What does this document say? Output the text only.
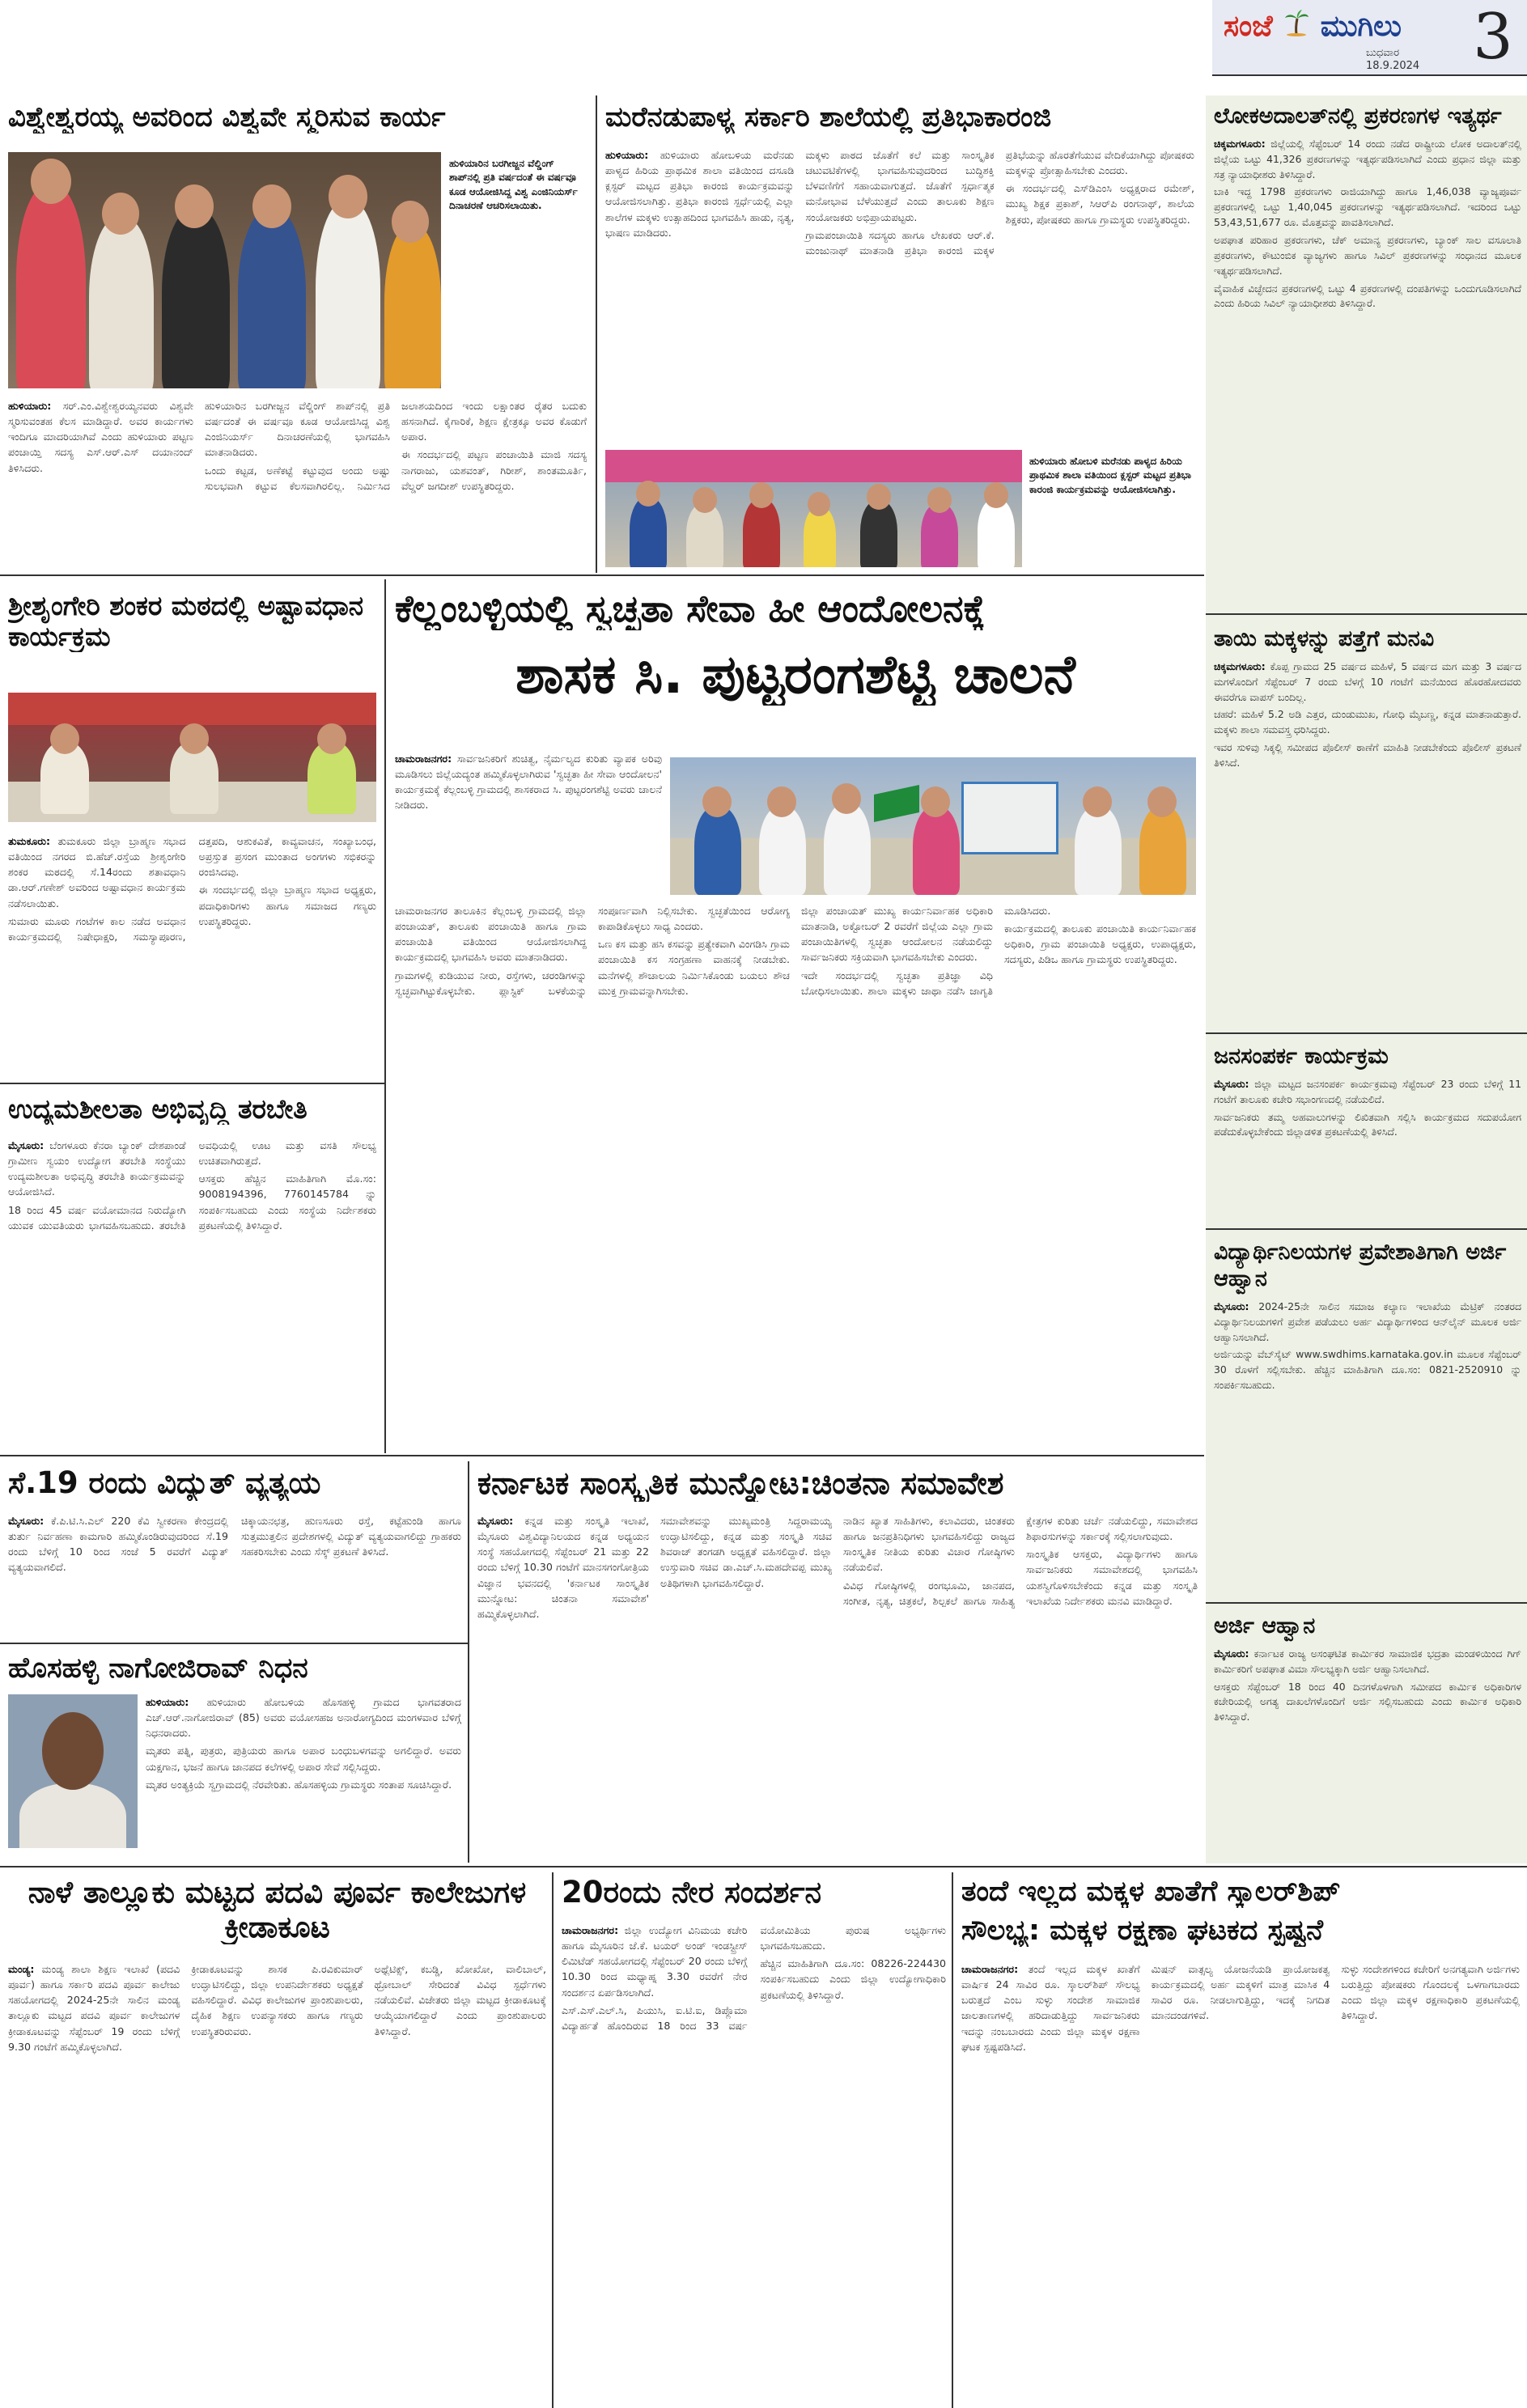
ಸಂಜೆ ಮುಗಿಲು
ಬುಧವಾರ
18.9.2024 3
ವಿಶ್ವೇಶ್ವರಯ್ಯ ಅವರಿಂದ ವಿಶ್ವವೇ ಸ್ಮರಿಸುವ ಕಾರ್ಯ
ಹುಳಿಯಾರಿನ ಬರಗೀಜ್ಜನ ವೆಲ್ಡಿಂಗ್ ಶಾಪ್‌ನಲ್ಲಿ ಪ್ರತಿ ವರ್ಷದಂತೆ ಈ ವರ್ಷವೂ ಕೂಡ ಆಯೋಜಿಸಿದ್ದ ವಿಶ್ವ ಎಂಜಿನಿಯರ್ಸ್ ದಿನಾಚರಣೆ ಆಚರಿಸಲಾಯಿತು.

ಹುಳಿಯಾರು: ಸರ್.ಎಂ.ವಿಶ್ವೇಶ್ವರಯ್ಯನವರು ವಿಶ್ವವೇ ಸ್ಮರಿಸುವಂತಹ ಕೆಲಸ ಮಾಡಿದ್ದಾರೆ. ಅವರ ಕಾರ್ಯಗಳು ಇಂದಿಗೂ ಮಾದರಿಯಾಗಿವೆ ಎಂದು ಹುಳಿಯಾರು ಪಟ್ಟಣ ಪಂಚಾಯ್ತಿ ಸದಸ್ಯ ಎಸ್.ಆರ್.ಎಸ್ ದಯಾನಂದ್ ತಿಳಿಸಿದರು.

ಹುಳಿಯಾರಿನ ಬರಗೀಜ್ಜನ ವೆಲ್ಡಿಂಗ್ ಶಾಪ್‌ನಲ್ಲಿ ಪ್ರತಿ ವರ್ಷದಂತೆ ಈ ವರ್ಷವೂ ಕೂಡ ಆಯೋಜಿಸಿದ್ದ ವಿಶ್ವ ಎಂಜಿನಿಯರ್ಸ್ ದಿನಾಚರಣೆಯಲ್ಲಿ ಭಾಗವಹಿಸಿ ಮಾತನಾಡಿದರು.

ಒಂದು ಕಟ್ಟಡ, ಅಣೆಕಟ್ಟೆ ಕಟ್ಟುವುದ ಅಂದು ಅಷ್ಟು ಸುಲಭವಾಗಿ ಕಟ್ಟುವ ಕೆಲಸವಾಗಿರಲಿಲ್ಲ. ನಿರ್ಮಿಸಿದ ಜಲಾಶಯದಿಂದ ಇಂದು ಲಕ್ಷಾಂತರ ರೈತರ ಬದುಕು ಹಸನಾಗಿದೆ. ಕೈಗಾರಿಕೆ, ಶಿಕ್ಷಣ ಕ್ಷೇತ್ರಕ್ಕೂ ಅವರ ಕೊಡುಗೆ ಅಪಾರ.

ಈ ಸಂದರ್ಭದಲ್ಲಿ ಪಟ್ಟಣ ಪಂಚಾಯಿತಿ ಮಾಜಿ ಸದಸ್ಯ ನಾಗರಾಜು, ಯಶವಂತ್, ಗಿರೀಶ್, ಶಾಂತಮೂರ್ತಿ, ವೆಲ್ಡರ್ ಜಗದೀಶ್ ಉಪಸ್ಥಿತರಿದ್ದರು.

ಮರೆನಡುಪಾಳ್ಯ ಸರ್ಕಾರಿ ಶಾಲೆಯಲ್ಲಿ ಪ್ರತಿಭಾಕಾರಂಜಿ

ಹುಳಿಯಾರು: ಹುಳಿಯಾರು ಹೋಬಳಿಯ ಮರೆನಡು ಪಾಳ್ಯದ ಹಿರಿಯ ಪ್ರಾಥಮಿಕ ಶಾಲಾ ವತಿಯಿಂದ ದಸೂಡಿ ಕ್ಲಸ್ಟರ್ ಮಟ್ಟದ ಪ್ರತಿಭಾ ಕಾರಂಜಿ ಕಾರ್ಯಕ್ರಮವನ್ನು ಆಯೋಜಿಸಲಾಗಿತ್ತು. ಪ್ರತಿಭಾ ಕಾರಂಜಿ ಸ್ಪರ್ಧೆಯಲ್ಲಿ ಎಲ್ಲಾ ಶಾಲೆಗಳ ಮಕ್ಕಳು ಉತ್ಸಾಹದಿಂದ ಭಾಗವಹಿಸಿ ಹಾಡು, ನೃತ್ಯ, ಭಾಷಣ ಮಾಡಿದರು.

ಮಕ್ಕಳು ಪಾಠದ ಜೊತೆಗೆ ಕಲೆ ಮತ್ತು ಸಾಂಸ್ಕೃತಿಕ ಚಟುವಟಿಕೆಗಳಲ್ಲಿ ಭಾಗವಹಿಸುವುದರಿಂದ ಬುದ್ಧಿಶಕ್ತಿ ಬೆಳವಣಿಗೆಗೆ ಸಹಾಯವಾಗುತ್ತದೆ. ಜೊತೆಗೆ ಸ್ಪರ್ಧಾತ್ಮಕ ಮನೋಭಾವ ಬೆಳೆಯುತ್ತದೆ ಎಂದು ತಾಲೂಕು ಶಿಕ್ಷಣ ಸಂಯೋಜಕರು ಅಭಿಪ್ರಾಯಪಟ್ಟರು.

ಗ್ರಾಮಪಂಚಾಯಿತಿ ಸದಸ್ಯರು ಹಾಗೂ ಲೇಖಕರು ಆರ್.ಕೆ. ಮಂಜುನಾಥ್ ಮಾತನಾಡಿ ಪ್ರತಿಭಾ ಕಾರಂಜಿ ಮಕ್ಕಳ ಪ್ರತಿಭೆಯನ್ನು ಹೊರತೆಗೆಯುವ ವೇದಿಕೆಯಾಗಿದ್ದು ಪೋಷಕರು ಮಕ್ಕಳನ್ನು ಪ್ರೋತ್ಸಾಹಿಸಬೇಕು ಎಂದರು.

ಈ ಸಂದರ್ಭದಲ್ಲಿ ಎಸ್‌ಡಿಎಂಸಿ ಅಧ್ಯಕ್ಷರಾದ ರಮೇಶ್, ಮುಖ್ಯ ಶಿಕ್ಷಕ ಪ್ರಕಾಶ್, ಸಿಆರ್‌ಪಿ ರಂಗನಾಥ್, ಶಾಲೆಯ ಶಿಕ್ಷಕರು, ಪೋಷಕರು ಹಾಗೂ ಗ್ರಾಮಸ್ಥರು ಉಪಸ್ಥಿತರಿದ್ದರು.

ಹುಳಿಯಾರು ಹೋಬಳಿ ಮರೆನಡು ಪಾಳ್ಯದ ಹಿರಿಯ ಪ್ರಾಥಮಿಕ ಶಾಲಾ ವತಿಯಿಂದ ಕ್ಲಸ್ಟರ್ ಮಟ್ಟದ ಪ್ರತಿಭಾ ಕಾರಂಜಿ ಕಾರ್ಯಕ್ರಮವನ್ನು ಆಯೋಜಿಸಲಾಗಿತ್ತು.
ಲೋಕಅದಾಲತ್‌ನಲ್ಲಿ ಪ್ರಕರಣಗಳ ಇತ್ಯರ್ಥ

ಚಿಕ್ಕಮಗಳೂರು: ಜಿಲ್ಲೆಯಲ್ಲಿ ಸೆಪ್ಟೆಂಬರ್ 14 ರಂದು ನಡೆದ ರಾಷ್ಟ್ರೀಯ ಲೋಕ ಅದಾಲತ್‌ನಲ್ಲಿ ಜಿಲ್ಲೆಯ ಒಟ್ಟು 41,326 ಪ್ರಕರಣಗಳನ್ನು ಇತ್ಯರ್ಥಪಡಿಸಲಾಗಿದೆ ಎಂದು ಪ್ರಧಾನ ಜಿಲ್ಲಾ ಮತ್ತು ಸತ್ರ ನ್ಯಾಯಾಧೀಶರು ತಿಳಿಸಿದ್ದಾರೆ.

ಬಾಕಿ ಇದ್ದ 1798 ಪ್ರಕರಣಗಳು ರಾಜಿಯಾಗಿದ್ದು ಹಾಗೂ 1,46,038 ವ್ಯಾಜ್ಯಪೂರ್ವ ಪ್ರಕರಣಗಳಲ್ಲಿ ಒಟ್ಟು 1,40,045 ಪ್ರಕರಣಗಳನ್ನು ಇತ್ಯರ್ಥಪಡಿಸಲಾಗಿದೆ. ಇದರಿಂದ ಒಟ್ಟು 53,43,51,677 ರೂ. ಮೊತ್ತವನ್ನು ಪಾವತಿಸಲಾಗಿದೆ.

ಅಪಘಾತ ಪರಿಹಾರ ಪ್ರಕರಣಗಳು, ಚೆಕ್ ಅಮಾನ್ಯ ಪ್ರಕರಣಗಳು, ಬ್ಯಾಂಕ್ ಸಾಲ ವಸೂಲಾತಿ ಪ್ರಕರಣಗಳು, ಕೌಟುಂಬಿಕ ವ್ಯಾಜ್ಯಗಳು ಹಾಗೂ ಸಿವಿಲ್ ಪ್ರಕರಣಗಳನ್ನು ಸಂಧಾನದ ಮೂಲಕ ಇತ್ಯರ್ಥಪಡಿಸಲಾಗಿದೆ.

ವೈವಾಹಿಕ ವಿಚ್ಛೇದನ ಪ್ರಕರಣಗಳಲ್ಲಿ ಒಟ್ಟು 4 ಪ್ರಕರಣಗಳಲ್ಲಿ ದಂಪತಿಗಳನ್ನು ಒಂದುಗೂಡಿಸಲಾಗಿದೆ ಎಂದು ಹಿರಿಯ ಸಿವಿಲ್ ನ್ಯಾಯಾಧೀಶರು ತಿಳಿಸಿದ್ದಾರೆ.

ತಾಯಿ ಮಕ್ಕಳನ್ನು ಪತ್ತೆಗೆ ಮನವಿ

ಚಿಕ್ಕಮಗಳೂರು: ಕೊಪ್ಪ ಗ್ರಾಮದ 25 ವರ್ಷದ ಮಹಿಳೆ, 5 ವರ್ಷದ ಮಗ ಮತ್ತು 3 ವರ್ಷದ ಮಗಳೊಂದಿಗೆ ಸೆಪ್ಟೆಂಬರ್ 7 ರಂದು ಬೆಳಗ್ಗೆ 10 ಗಂಟೆಗೆ ಮನೆಯಿಂದ ಹೊರಹೋದವರು ಈವರೆಗೂ ವಾಪಸ್ ಬಂದಿಲ್ಲ.

ಚಹರೆ: ಮಹಿಳೆ 5.2 ಅಡಿ ಎತ್ತರ, ದುಂಡುಮುಖ, ಗೋಧಿ ಮೈಬಣ್ಣ, ಕನ್ನಡ ಮಾತನಾಡುತ್ತಾರೆ. ಮಕ್ಕಳು ಶಾಲಾ ಸಮವಸ್ತ್ರ ಧರಿಸಿದ್ದರು.

ಇವರ ಸುಳಿವು ಸಿಕ್ಕಲ್ಲಿ ಸಮೀಪದ ಪೊಲೀಸ್ ಠಾಣೆಗೆ ಮಾಹಿತಿ ನೀಡಬೇಕೆಂದು ಪೊಲೀಸ್ ಪ್ರಕಟಣೆ ತಿಳಿಸಿದೆ.

ಜನಸಂಪರ್ಕ ಕಾರ್ಯಕ್ರಮ

ಮೈಸೂರು: ಜಿಲ್ಲಾ ಮಟ್ಟದ ಜನಸಂಪರ್ಕ ಕಾರ್ಯಕ್ರಮವು ಸೆಪ್ಟೆಂಬರ್ 23 ರಂದು ಬೆಳಿಗ್ಗೆ 11 ಗಂಟೆಗೆ ತಾಲೂಕು ಕಚೇರಿ ಸಭಾಂಗಣದಲ್ಲಿ ನಡೆಯಲಿದೆ.

ಸಾರ್ವಜನಿಕರು ತಮ್ಮ ಅಹವಾಲುಗಳನ್ನು ಲಿಖಿತವಾಗಿ ಸಲ್ಲಿಸಿ ಕಾರ್ಯಕ್ರಮದ ಸದುಪಯೋಗ ಪಡೆದುಕೊಳ್ಳಬೇಕೆಂದು ಜಿಲ್ಲಾಡಳಿತ ಪ್ರಕಟಣೆಯಲ್ಲಿ ತಿಳಿಸಿದೆ.

ವಿದ್ಯಾರ್ಥಿನಿಲಯಗಳ ಪ್ರವೇಶಾತಿಗಾಗಿ ಅರ್ಜಿ ಆಹ್ವಾನ

ಮೈಸೂರು: 2024-25ನೇ ಸಾಲಿನ ಸಮಾಜ ಕಲ್ಯಾಣ ಇಲಾಖೆಯ ಮೆಟ್ರಿಕ್ ನಂತರದ ವಿದ್ಯಾರ್ಥಿನಿಲಯಗಳಿಗೆ ಪ್ರವೇಶ ಪಡೆಯಲು ಅರ್ಹ ವಿದ್ಯಾರ್ಥಿಗಳಿಂದ ಆನ್‌ಲೈನ್ ಮೂಲಕ ಅರ್ಜಿ ಆಹ್ವಾನಿಸಲಾಗಿದೆ.

ಅರ್ಜಿಯನ್ನು ವೆಬ್‌ಸೈಟ್ www.swdhims.karnataka.gov.in ಮೂಲಕ ಸೆಪ್ಟೆಂಬರ್ 30 ರೊಳಗೆ ಸಲ್ಲಿಸಬೇಕು. ಹೆಚ್ಚಿನ ಮಾಹಿತಿಗಾಗಿ ದೂ.ಸಂ: 0821-2520910 ನ್ನು ಸಂಪರ್ಕಿಸಬಹುದು.

ಅರ್ಜಿ ಆಹ್ವಾನ

ಮೈಸೂರು: ಕರ್ನಾಟಕ ರಾಜ್ಯ ಅಸಂಘಟಿತ ಕಾರ್ಮಿಕರ ಸಾಮಾಜಿಕ ಭದ್ರತಾ ಮಂಡಳಿಯಿಂದ ಗಿಗ್ ಕಾರ್ಮಿಕರಿಗೆ ಅಪಘಾತ ವಿಮಾ ಸೌಲಭ್ಯಕ್ಕಾಗಿ ಅರ್ಜಿ ಆಹ್ವಾನಿಸಲಾಗಿದೆ.

ಆಸಕ್ತರು ಸೆಪ್ಟೆಂಬರ್ 18 ರಿಂದ 40 ದಿನಗಳೊಳಗಾಗಿ ಸಮೀಪದ ಕಾರ್ಮಿಕ ಅಧಿಕಾರಿಗಳ ಕಚೇರಿಯಲ್ಲಿ ಅಗತ್ಯ ದಾಖಲೆಗಳೊಂದಿಗೆ ಅರ್ಜಿ ಸಲ್ಲಿಸಬಹುದು ಎಂದು ಕಾರ್ಮಿಕ ಅಧಿಕಾರಿ ತಿಳಿಸಿದ್ದಾರೆ.

ಶ್ರೀಶೃಂಗೇರಿ ಶಂಕರ ಮಠದಲ್ಲಿ ಅಷ್ಟಾವಧಾನ ಕಾರ್ಯಕ್ರಮ

ತುಮಕೂರು: ತುಮಕೂರು ಜಿಲ್ಲಾ ಬ್ರಾಹ್ಮಣ ಸಭಾದ ವತಿಯಿಂದ ನಗರದ ಬಿ.ಹೆಚ್.ರಸ್ತೆಯ ಶ್ರೀಶೃಂಗೇರಿ ಶಂಕರ ಮಠದಲ್ಲಿ ಸೆ.14ರಂದು ಶತಾವಧಾನಿ ಡಾ.ಆರ್.ಗಣೇಶ್ ಅವರಿಂದ ಅಷ್ಟಾವಧಾನ ಕಾರ್ಯಕ್ರಮ ನಡೆಸಲಾಯಿತು.

ಸುಮಾರು ಮೂರು ಗಂಟೆಗಳ ಕಾಲ ನಡೆದ ಅವಧಾನ ಕಾರ್ಯಕ್ರಮದಲ್ಲಿ ನಿಷೇಧಾಕ್ಷರಿ, ಸಮಸ್ಯಾಪೂರಣ, ದತ್ತಪದಿ, ಆಶುಕವಿತೆ, ಕಾವ್ಯವಾಚನ, ಸಂಖ್ಯಾಬಂಧ, ಅಪ್ರಸ್ತುತ ಪ್ರಸಂಗ ಮುಂತಾದ ಅಂಗಗಳು ಸಭಿಕರನ್ನು ರಂಜಿಸಿದವು.

ಈ ಸಂದರ್ಭದಲ್ಲಿ ಜಿಲ್ಲಾ ಬ್ರಾಹ್ಮಣ ಸಭಾದ ಅಧ್ಯಕ್ಷರು, ಪದಾಧಿಕಾರಿಗಳು ಹಾಗೂ ಸಮಾಜದ ಗಣ್ಯರು ಉಪಸ್ಥಿತರಿದ್ದರು.

ಕೆಲ್ಲಂಬಳ್ಳಿಯಲ್ಲಿ ಸ್ವಚ್ಛತಾ ಸೇವಾ ಹೀ ಆಂದೋಲನಕ್ಕೆ
ಶಾಸಕ ಸಿ. ಪುಟ್ಟರಂಗಶೆಟ್ಟಿ ಚಾಲನೆ

ಚಾಮರಾಜನಗರ: ಸಾರ್ವಜನಿಕರಿಗೆ ಶುಚಿತ್ವ, ನೈರ್ಮಲ್ಯದ ಕುರಿತು ವ್ಯಾಪಕ ಅರಿವು ಮೂಡಿಸಲು ಜಿಲ್ಲೆಯದ್ಯಂತ ಹಮ್ಮಿಕೊಳ್ಳಲಾಗಿರುವ 'ಸ್ವಚ್ಛತಾ ಹೀ ಸೇವಾ ಆಂದೋಲನ' ಕಾರ್ಯಕ್ರಮಕ್ಕೆ ಕೆಲ್ಲಂಬಳ್ಳಿ ಗ್ರಾಮದಲ್ಲಿ ಶಾಸಕರಾದ ಸಿ. ಪುಟ್ಟರಂಗಶೆಟ್ಟಿ ಅವರು ಚಾಲನೆ ನೀಡಿದರು.

ಚಾಮರಾಜನಗರ ತಾಲೂಕಿನ ಕೆಲ್ಲಂಬಳ್ಳಿ ಗ್ರಾಮದಲ್ಲಿ ಜಿಲ್ಲಾ ಪಂಚಾಯತ್, ತಾಲೂಕು ಪಂಚಾಯಿತಿ ಹಾಗೂ ಗ್ರಾಮ ಪಂಚಾಯಿತಿ ವತಿಯಿಂದ ಆಯೋಜಿಸಲಾಗಿದ್ದ ಕಾರ್ಯಕ್ರಮದಲ್ಲಿ ಭಾಗವಹಿಸಿ ಅವರು ಮಾತನಾಡಿದರು.

ಗ್ರಾಮಗಳಲ್ಲಿ ಕುಡಿಯುವ ನೀರು, ರಸ್ತೆಗಳು, ಚರಂಡಿಗಳನ್ನು ಸ್ವಚ್ಛವಾಗಿಟ್ಟುಕೊಳ್ಳಬೇಕು. ಪ್ಲಾಸ್ಟಿಕ್ ಬಳಕೆಯನ್ನು ಸಂಪೂರ್ಣವಾಗಿ ನಿಲ್ಲಿಸಬೇಕು. ಸ್ವಚ್ಛತೆಯಿಂದ ಆರೋಗ್ಯ ಕಾಪಾಡಿಕೊಳ್ಳಲು ಸಾಧ್ಯ ಎಂದರು.

ಒಣ ಕಸ ಮತ್ತು ಹಸಿ ಕಸವನ್ನು ಪ್ರತ್ಯೇಕವಾಗಿ ವಿಂಗಡಿಸಿ ಗ್ರಾಮ ಪಂಚಾಯಿತಿ ಕಸ ಸಂಗ್ರಹಣಾ ವಾಹನಕ್ಕೆ ನೀಡಬೇಕು. ಮನೆಗಳಲ್ಲಿ ಶೌಚಾಲಯ ನಿರ್ಮಿಸಿಕೊಂಡು ಬಯಲು ಶೌಚ ಮುಕ್ತ ಗ್ರಾಮವನ್ನಾಗಿಸಬೇಕು.

ಜಿಲ್ಲಾ ಪಂಚಾಯತ್ ಮುಖ್ಯ ಕಾರ್ಯನಿರ್ವಾಹಕ ಅಧಿಕಾರಿ ಮಾತನಾಡಿ, ಅಕ್ಟೋಬರ್ 2 ರವರೆಗೆ ಜಿಲ್ಲೆಯ ಎಲ್ಲಾ ಗ್ರಾಮ ಪಂಚಾಯಿತಿಗಳಲ್ಲಿ ಸ್ವಚ್ಛತಾ ಆಂದೋಲನ ನಡೆಯಲಿದ್ದು ಸಾರ್ವಜನಿಕರು ಸಕ್ರಿಯವಾಗಿ ಭಾಗವಹಿಸಬೇಕು ಎಂದರು.

ಇದೇ ಸಂದರ್ಭದಲ್ಲಿ ಸ್ವಚ್ಛತಾ ಪ್ರತಿಜ್ಞಾ ವಿಧಿ ಬೋಧಿಸಲಾಯಿತು. ಶಾಲಾ ಮಕ್ಕಳು ಜಾಥಾ ನಡೆಸಿ ಜಾಗೃತಿ ಮೂಡಿಸಿದರು.

ಕಾರ್ಯಕ್ರಮದಲ್ಲಿ ತಾಲೂಕು ಪಂಚಾಯಿತಿ ಕಾರ್ಯನಿರ್ವಾಹಕ ಅಧಿಕಾರಿ, ಗ್ರಾಮ ಪಂಚಾಯಿತಿ ಅಧ್ಯಕ್ಷರು, ಉಪಾಧ್ಯಕ್ಷರು, ಸದಸ್ಯರು, ಪಿಡಿಒ ಹಾಗೂ ಗ್ರಾಮಸ್ಥರು ಉಪಸ್ಥಿತರಿದ್ದರು.

ಉದ್ಯಮಶೀಲತಾ ಅಭಿವೃದ್ಧಿ ತರಬೇತಿ

ಮೈಸೂರು: ಬೆಂಗಳೂರು ಕೆನರಾ ಬ್ಯಾಂಕ್ ದೇಶಪಾಂಡೆ ಗ್ರಾಮೀಣ ಸ್ವಯಂ ಉದ್ಯೋಗ ತರಬೇತಿ ಸಂಸ್ಥೆಯು ಉದ್ಯಮಶೀಲತಾ ಅಭಿವೃದ್ಧಿ ತರಬೇತಿ ಕಾರ್ಯಕ್ರಮವನ್ನು ಆಯೋಜಿಸಿದೆ.

18 ರಿಂದ 45 ವರ್ಷ ವಯೋಮಾನದ ನಿರುದ್ಯೋಗಿ ಯುವಕ ಯುವತಿಯರು ಭಾಗವಹಿಸಬಹುದು. ತರಬೇತಿ ಅವಧಿಯಲ್ಲಿ ಊಟ ಮತ್ತು ವಸತಿ ಸೌಲಭ್ಯ ಉಚಿತವಾಗಿರುತ್ತದೆ.

ಆಸಕ್ತರು ಹೆಚ್ಚಿನ ಮಾಹಿತಿಗಾಗಿ ಮೊ.ಸಂ: 9008194396, 7760145784 ನ್ನು ಸಂಪರ್ಕಿಸಬಹುದು ಎಂದು ಸಂಸ್ಥೆಯ ನಿರ್ದೇಶಕರು ಪ್ರಕಟಣೆಯಲ್ಲಿ ತಿಳಿಸಿದ್ದಾರೆ.

ಸೆ.19 ರಂದು ವಿದ್ಯುತ್ ವ್ಯತ್ಯಯ

ಮೈಸೂರು: ಕೆ.ಪಿ.ಟಿ.ಸಿ.ಎಲ್ 220 ಕೆವಿ ಸ್ವೀಕರಣಾ ಕೇಂದ್ರದಲ್ಲಿ ತುರ್ತು ನಿರ್ವಹಣಾ ಕಾಮಗಾರಿ ಹಮ್ಮಿಕೊಂಡಿರುವುದರಿಂದ ಸೆ.19 ರಂದು ಬೆಳಿಗ್ಗೆ 10 ರಿಂದ ಸಂಜೆ 5 ರವರೆಗೆ ವಿದ್ಯುತ್ ವ್ಯತ್ಯಯವಾಗಲಿದೆ.

ಚಿಕ್ಕಾಯನಛತ್ರ, ಹುಣಸೂರು ರಸ್ತೆ, ಕಟ್ಟೆಹುಂಡಿ ಹಾಗೂ ಸುತ್ತಮುತ್ತಲಿನ ಪ್ರದೇಶಗಳಲ್ಲಿ ವಿದ್ಯುತ್ ವ್ಯತ್ಯಯವಾಗಲಿದ್ದು ಗ್ರಾಹಕರು ಸಹಕರಿಸಬೇಕು ಎಂದು ಸೆಸ್ಕ್ ಪ್ರಕಟಣೆ ತಿಳಿಸಿದೆ.

ಹೊಸಹಳ್ಳಿ ನಾಗೋಜಿರಾವ್ ನಿಧನ

ಹುಳಿಯಾರು: ಹುಳಿಯಾರು ಹೋಬಳಿಯ ಹೊಸಹಳ್ಳಿ ಗ್ರಾಮದ ಭಾಗವತರಾದ ಎಚ್.ಆರ್.ನಾಗೋಜಿರಾವ್ (85) ಅವರು ವಯೋಸಹಜ ಅನಾರೋಗ್ಯದಿಂದ ಮಂಗಳವಾರ ಬೆಳಿಗ್ಗೆ ನಿಧನರಾದರು.

ಮೃತರು ಪತ್ನಿ, ಪುತ್ರರು, ಪುತ್ರಿಯರು ಹಾಗೂ ಅಪಾರ ಬಂಧುಬಳಗವನ್ನು ಅಗಲಿದ್ದಾರೆ. ಅವರು ಯಕ್ಷಗಾನ, ಭಜನೆ ಹಾಗೂ ಜಾನಪದ ಕಲೆಗಳಲ್ಲಿ ಅಪಾರ ಸೇವೆ ಸಲ್ಲಿಸಿದ್ದರು.

ಮೃತರ ಅಂತ್ಯಕ್ರಿಯೆ ಸ್ವಗ್ರಾಮದಲ್ಲಿ ನೆರವೇರಿತು. ಹೊಸಹಳ್ಳಿಯ ಗ್ರಾಮಸ್ಥರು ಸಂತಾಪ ಸೂಚಿಸಿದ್ದಾರೆ.

ಕರ್ನಾಟಕ ಸಾಂಸ್ಕೃತಿಕ ಮುನ್ನೋಟ:ಚಿಂತನಾ ಸಮಾವೇಶ

ಮೈಸೂರು: ಕನ್ನಡ ಮತ್ತು ಸಂಸ್ಕೃತಿ ಇಲಾಖೆ, ಮೈಸೂರು ವಿಶ್ವವಿದ್ಯಾನಿಲಯದ ಕನ್ನಡ ಅಧ್ಯಯನ ಸಂಸ್ಥೆ ಸಹಯೋಗದಲ್ಲಿ ಸೆಪ್ಟೆಂಬರ್ 21 ಮತ್ತು 22 ರಂದು ಬೆಳಿಗ್ಗೆ 10.30 ಗಂಟೆಗೆ ಮಾನಸಗಂಗೋತ್ರಿಯ ವಿಜ್ಞಾನ ಭವನದಲ್ಲಿ 'ಕರ್ನಾಟಕ ಸಾಂಸ್ಕೃತಿಕ ಮುನ್ನೋಟ: ಚಿಂತನಾ ಸಮಾವೇಶ' ಹಮ್ಮಿಕೊಳ್ಳಲಾಗಿದೆ.

ಸಮಾವೇಶವನ್ನು ಮುಖ್ಯಮಂತ್ರಿ ಸಿದ್ದರಾಮಯ್ಯ ಉದ್ಘಾಟಿಸಲಿದ್ದು, ಕನ್ನಡ ಮತ್ತು ಸಂಸ್ಕೃತಿ ಸಚಿವ ಶಿವರಾಜ್ ತಂಗಡಗಿ ಅಧ್ಯಕ್ಷತೆ ವಹಿಸಲಿದ್ದಾರೆ. ಜಿಲ್ಲಾ ಉಸ್ತುವಾರಿ ಸಚಿವ ಡಾ.ಎಚ್.ಸಿ.ಮಹದೇವಪ್ಪ ಮುಖ್ಯ ಅತಿಥಿಗಳಾಗಿ ಭಾಗವಹಿಸಲಿದ್ದಾರೆ.

ನಾಡಿನ ಖ್ಯಾತ ಸಾಹಿತಿಗಳು, ಕಲಾವಿದರು, ಚಿಂತಕರು ಹಾಗೂ ಜನಪ್ರತಿನಿಧಿಗಳು ಭಾಗವಹಿಸಲಿದ್ದು ರಾಜ್ಯದ ಸಾಂಸ್ಕೃತಿಕ ನೀತಿಯ ಕುರಿತು ವಿಚಾರ ಗೋಷ್ಠಿಗಳು ನಡೆಯಲಿವೆ.

ವಿವಿಧ ಗೋಷ್ಠಿಗಳಲ್ಲಿ ರಂಗಭೂಮಿ, ಜಾನಪದ, ಸಂಗೀತ, ನೃತ್ಯ, ಚಿತ್ರಕಲೆ, ಶಿಲ್ಪಕಲೆ ಹಾಗೂ ಸಾಹಿತ್ಯ ಕ್ಷೇತ್ರಗಳ ಕುರಿತು ಚರ್ಚೆ ನಡೆಯಲಿದ್ದು, ಸಮಾವೇಶದ ಶಿಫಾರಸುಗಳನ್ನು ಸರ್ಕಾರಕ್ಕೆ ಸಲ್ಲಿಸಲಾಗುವುದು.

ಸಾಂಸ್ಕೃತಿಕ ಆಸಕ್ತರು, ವಿದ್ಯಾರ್ಥಿಗಳು ಹಾಗೂ ಸಾರ್ವಜನಿಕರು ಸಮಾವೇಶದಲ್ಲಿ ಭಾಗವಹಿಸಿ ಯಶಸ್ವಿಗೊಳಿಸಬೇಕೆಂದು ಕನ್ನಡ ಮತ್ತು ಸಂಸ್ಕೃತಿ ಇಲಾಖೆಯ ನಿರ್ದೇಶಕರು ಮನವಿ ಮಾಡಿದ್ದಾರೆ.

ನಾಳೆ ತಾಲ್ಲೂಕು ಮಟ್ಟದ ಪದವಿ ಪೂರ್ವ ಕಾಲೇಜುಗಳ ಕ್ರೀಡಾಕೂಟ

ಮಂಡ್ಯ: ಮಂಡ್ಯ ಶಾಲಾ ಶಿಕ್ಷಣ ಇಲಾಖೆ (ಪದವಿ ಪೂರ್ವ) ಹಾಗೂ ಸರ್ಕಾರಿ ಪದವಿ ಪೂರ್ವ ಕಾಲೇಜು ಸಹಯೋಗದಲ್ಲಿ 2024-25ನೇ ಸಾಲಿನ ಮಂಡ್ಯ ತಾಲ್ಲೂಕು ಮಟ್ಟದ ಪದವಿ ಪೂರ್ವ ಕಾಲೇಜುಗಳ ಕ್ರೀಡಾಕೂಟವನ್ನು ಸೆಪ್ಟೆಂಬರ್ 19 ರಂದು ಬೆಳಿಗ್ಗೆ 9.30 ಗಂಟೆಗೆ ಹಮ್ಮಿಕೊಳ್ಳಲಾಗಿದೆ.

ಕ್ರೀಡಾಕೂಟವನ್ನು ಶಾಸಕ ಪಿ.ರವಿಕುಮಾರ್ ಉದ್ಘಾಟಿಸಲಿದ್ದು, ಜಿಲ್ಲಾ ಉಪನಿರ್ದೇಶಕರು ಅಧ್ಯಕ್ಷತೆ ವಹಿಸಲಿದ್ದಾರೆ. ವಿವಿಧ ಕಾಲೇಜುಗಳ ಪ್ರಾಂಶುಪಾಲರು, ದೈಹಿಕ ಶಿಕ್ಷಣ ಉಪನ್ಯಾಸಕರು ಹಾಗೂ ಗಣ್ಯರು ಉಪಸ್ಥಿತರಿರುವರು.

ಅಥ್ಲೆಟಿಕ್ಸ್, ಕಬಡ್ಡಿ, ಖೋಖೋ, ವಾಲಿಬಾಲ್, ಥ್ರೋಬಾಲ್ ಸೇರಿದಂತೆ ವಿವಿಧ ಸ್ಪರ್ಧೆಗಳು ನಡೆಯಲಿವೆ. ವಿಜೇತರು ಜಿಲ್ಲಾ ಮಟ್ಟದ ಕ್ರೀಡಾಕೂಟಕ್ಕೆ ಆಯ್ಕೆಯಾಗಲಿದ್ದಾರೆ ಎಂದು ಪ್ರಾಂಶುಪಾಲರು ತಿಳಿಸಿದ್ದಾರೆ.

20ರಂದು ನೇರ ಸಂದರ್ಶನ

ಚಾಮರಾಜನಗರ: ಜಿಲ್ಲಾ ಉದ್ಯೋಗ ವಿನಿಮಯ ಕಚೇರಿ ಹಾಗೂ ಮೈಸೂರಿನ ಜೆ.ಕೆ. ಟಯರ್ ಅಂಡ್ ಇಂಡಸ್ಟ್ರೀಸ್ ಲಿಮಿಟೆಡ್ ಸಹಯೋಗದಲ್ಲಿ ಸೆಪ್ಟೆಂಬರ್ 20 ರಂದು ಬೆಳಿಗ್ಗೆ 10.30 ರಿಂದ ಮಧ್ಯಾಹ್ನ 3.30 ರವರೆಗೆ ನೇರ ಸಂದರ್ಶನ ಏರ್ಪಡಿಸಲಾಗಿದೆ.

ಎಸ್.ಎಸ್.ಎಲ್.ಸಿ, ಪಿಯುಸಿ, ಐ.ಟಿ.ಐ, ಡಿಪ್ಲೊಮಾ ವಿದ್ಯಾರ್ಹತೆ ಹೊಂದಿರುವ 18 ರಿಂದ 33 ವರ್ಷ ವಯೋಮಿತಿಯ ಪುರುಷ ಅಭ್ಯರ್ಥಿಗಳು ಭಾಗವಹಿಸಬಹುದು.

ಹೆಚ್ಚಿನ ಮಾಹಿತಿಗಾಗಿ ದೂ.ಸಂ: 08226-224430 ಸಂಪರ್ಕಿಸಬಹುದು ಎಂದು ಜಿಲ್ಲಾ ಉದ್ಯೋಗಾಧಿಕಾರಿ ಪ್ರಕಟಣೆಯಲ್ಲಿ ತಿಳಿಸಿದ್ದಾರೆ.

ತಂದೆ ಇಲ್ಲದ ಮಕ್ಕಳ ಖಾತೆಗೆ ಸ್ಕಾಲರ್‌ಶಿಪ್
ಸೌಲಭ್ಯ: ಮಕ್ಕಳ ರಕ್ಷಣಾ ಘಟಕದ ಸ್ಪಷ್ಟನೆ

ಚಾಮರಾಜನಗರ: ತಂದೆ ಇಲ್ಲದ ಮಕ್ಕಳ ಖಾತೆಗೆ ವಾರ್ಷಿಕ 24 ಸಾವಿರ ರೂ. ಸ್ಕಾಲರ್‌ಶಿಪ್ ಸೌಲಭ್ಯ ಬರುತ್ತದೆ ಎಂಬ ಸುಳ್ಳು ಸಂದೇಶ ಸಾಮಾಜಿಕ ಜಾಲತಾಣಗಳಲ್ಲಿ ಹರಿದಾಡುತ್ತಿದ್ದು ಸಾರ್ವಜನಿಕರು ಇದನ್ನು ನಂಬಬಾರದು ಎಂದು ಜಿಲ್ಲಾ ಮಕ್ಕಳ ರಕ್ಷಣಾ ಘಟಕ ಸ್ಪಷ್ಟಪಡಿಸಿದೆ.

ಮಿಷನ್ ವಾತ್ಸಲ್ಯ ಯೋಜನೆಯಡಿ ಪ್ರಾಯೋಜಕತ್ವ ಕಾರ್ಯಕ್ರಮದಲ್ಲಿ ಅರ್ಹ ಮಕ್ಕಳಿಗೆ ಮಾತ್ರ ಮಾಸಿಕ 4 ಸಾವಿರ ರೂ. ನೀಡಲಾಗುತ್ತಿದ್ದು, ಇದಕ್ಕೆ ನಿಗದಿತ ಮಾನದಂಡಗಳಿವೆ.

ಸುಳ್ಳು ಸಂದೇಶಗಳಿಂದ ಕಚೇರಿಗೆ ಅನಗತ್ಯವಾಗಿ ಅರ್ಜಿಗಳು ಬರುತ್ತಿದ್ದು ಪೋಷಕರು ಗೊಂದಲಕ್ಕೆ ಒಳಗಾಗಬಾರದು ಎಂದು ಜಿಲ್ಲಾ ಮಕ್ಕಳ ರಕ್ಷಣಾಧಿಕಾರಿ ಪ್ರಕಟಣೆಯಲ್ಲಿ ತಿಳಿಸಿದ್ದಾರೆ.
